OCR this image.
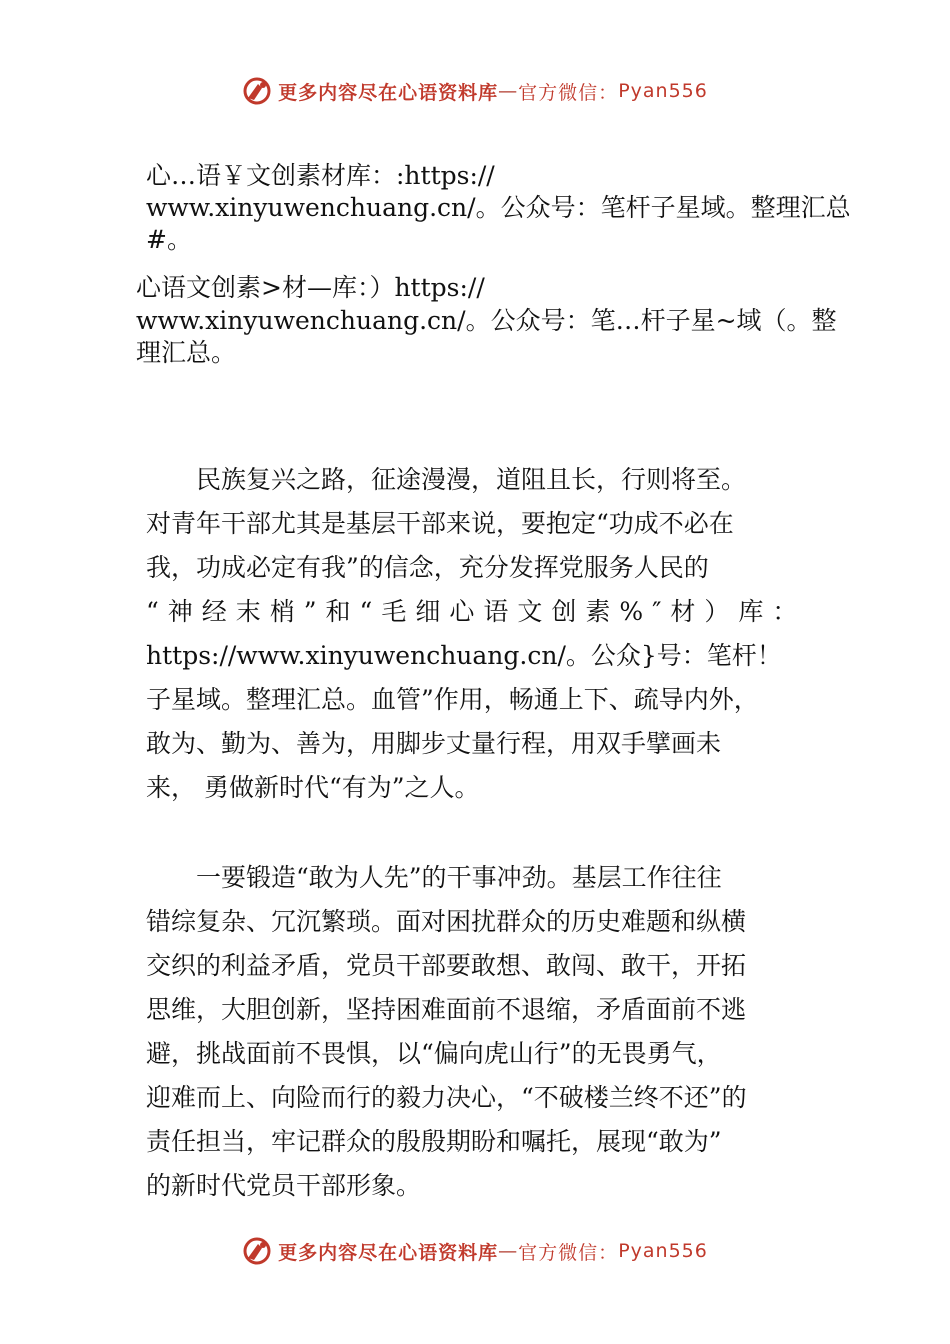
更多内容尽在心语资料库 — 官方微信： Pyan556
心…语￥文创素材库：:https://
www.xinyuwenchuang.cn/。公众号：笔杆子星域。整理汇总
#。
心语文创素>材—库：）https://
www.xinyuwenchuang.cn/。公众号：笔…杆子星~域（。整
理汇总。
　　民族复兴之路，征途漫漫，道阻且长，行则将至。
对青年干部尤其是基层干部来说，要抱定“功成不必在
我，功成必定有我”的信念，充分发挥党服务人民的
“神经末梢”和“毛细心语文创素%″材）库：
https://www.xinyuwenchuang.cn/。公众}号：笔杆！
子星域。整理汇总。血管”作用，畅通上下、疏导内外，
敢为、勤为、善为，用脚步丈量行程，用双手擘画未
来， 勇做新时代“有为”之人。
　　一要锻造“敢为人先”的干事冲劲。基层工作往往
错综复杂、冗沉繁琐。面对困扰群众的历史难题和纵横
交织的利益矛盾，党员干部要敢想、敢闯、敢干，开拓
思维，大胆创新，坚持困难面前不退缩，矛盾面前不逃
避，挑战面前不畏惧，以“偏向虎山行”的无畏勇气，
迎难而上、向险而行的毅力决心，“不破楼兰终不还”的
责任担当，牢记群众的殷殷期盼和嘱托，展现“敢为”
的新时代党员干部形象。
更多内容尽在心语资料库 — 官方微信： Pyan556
